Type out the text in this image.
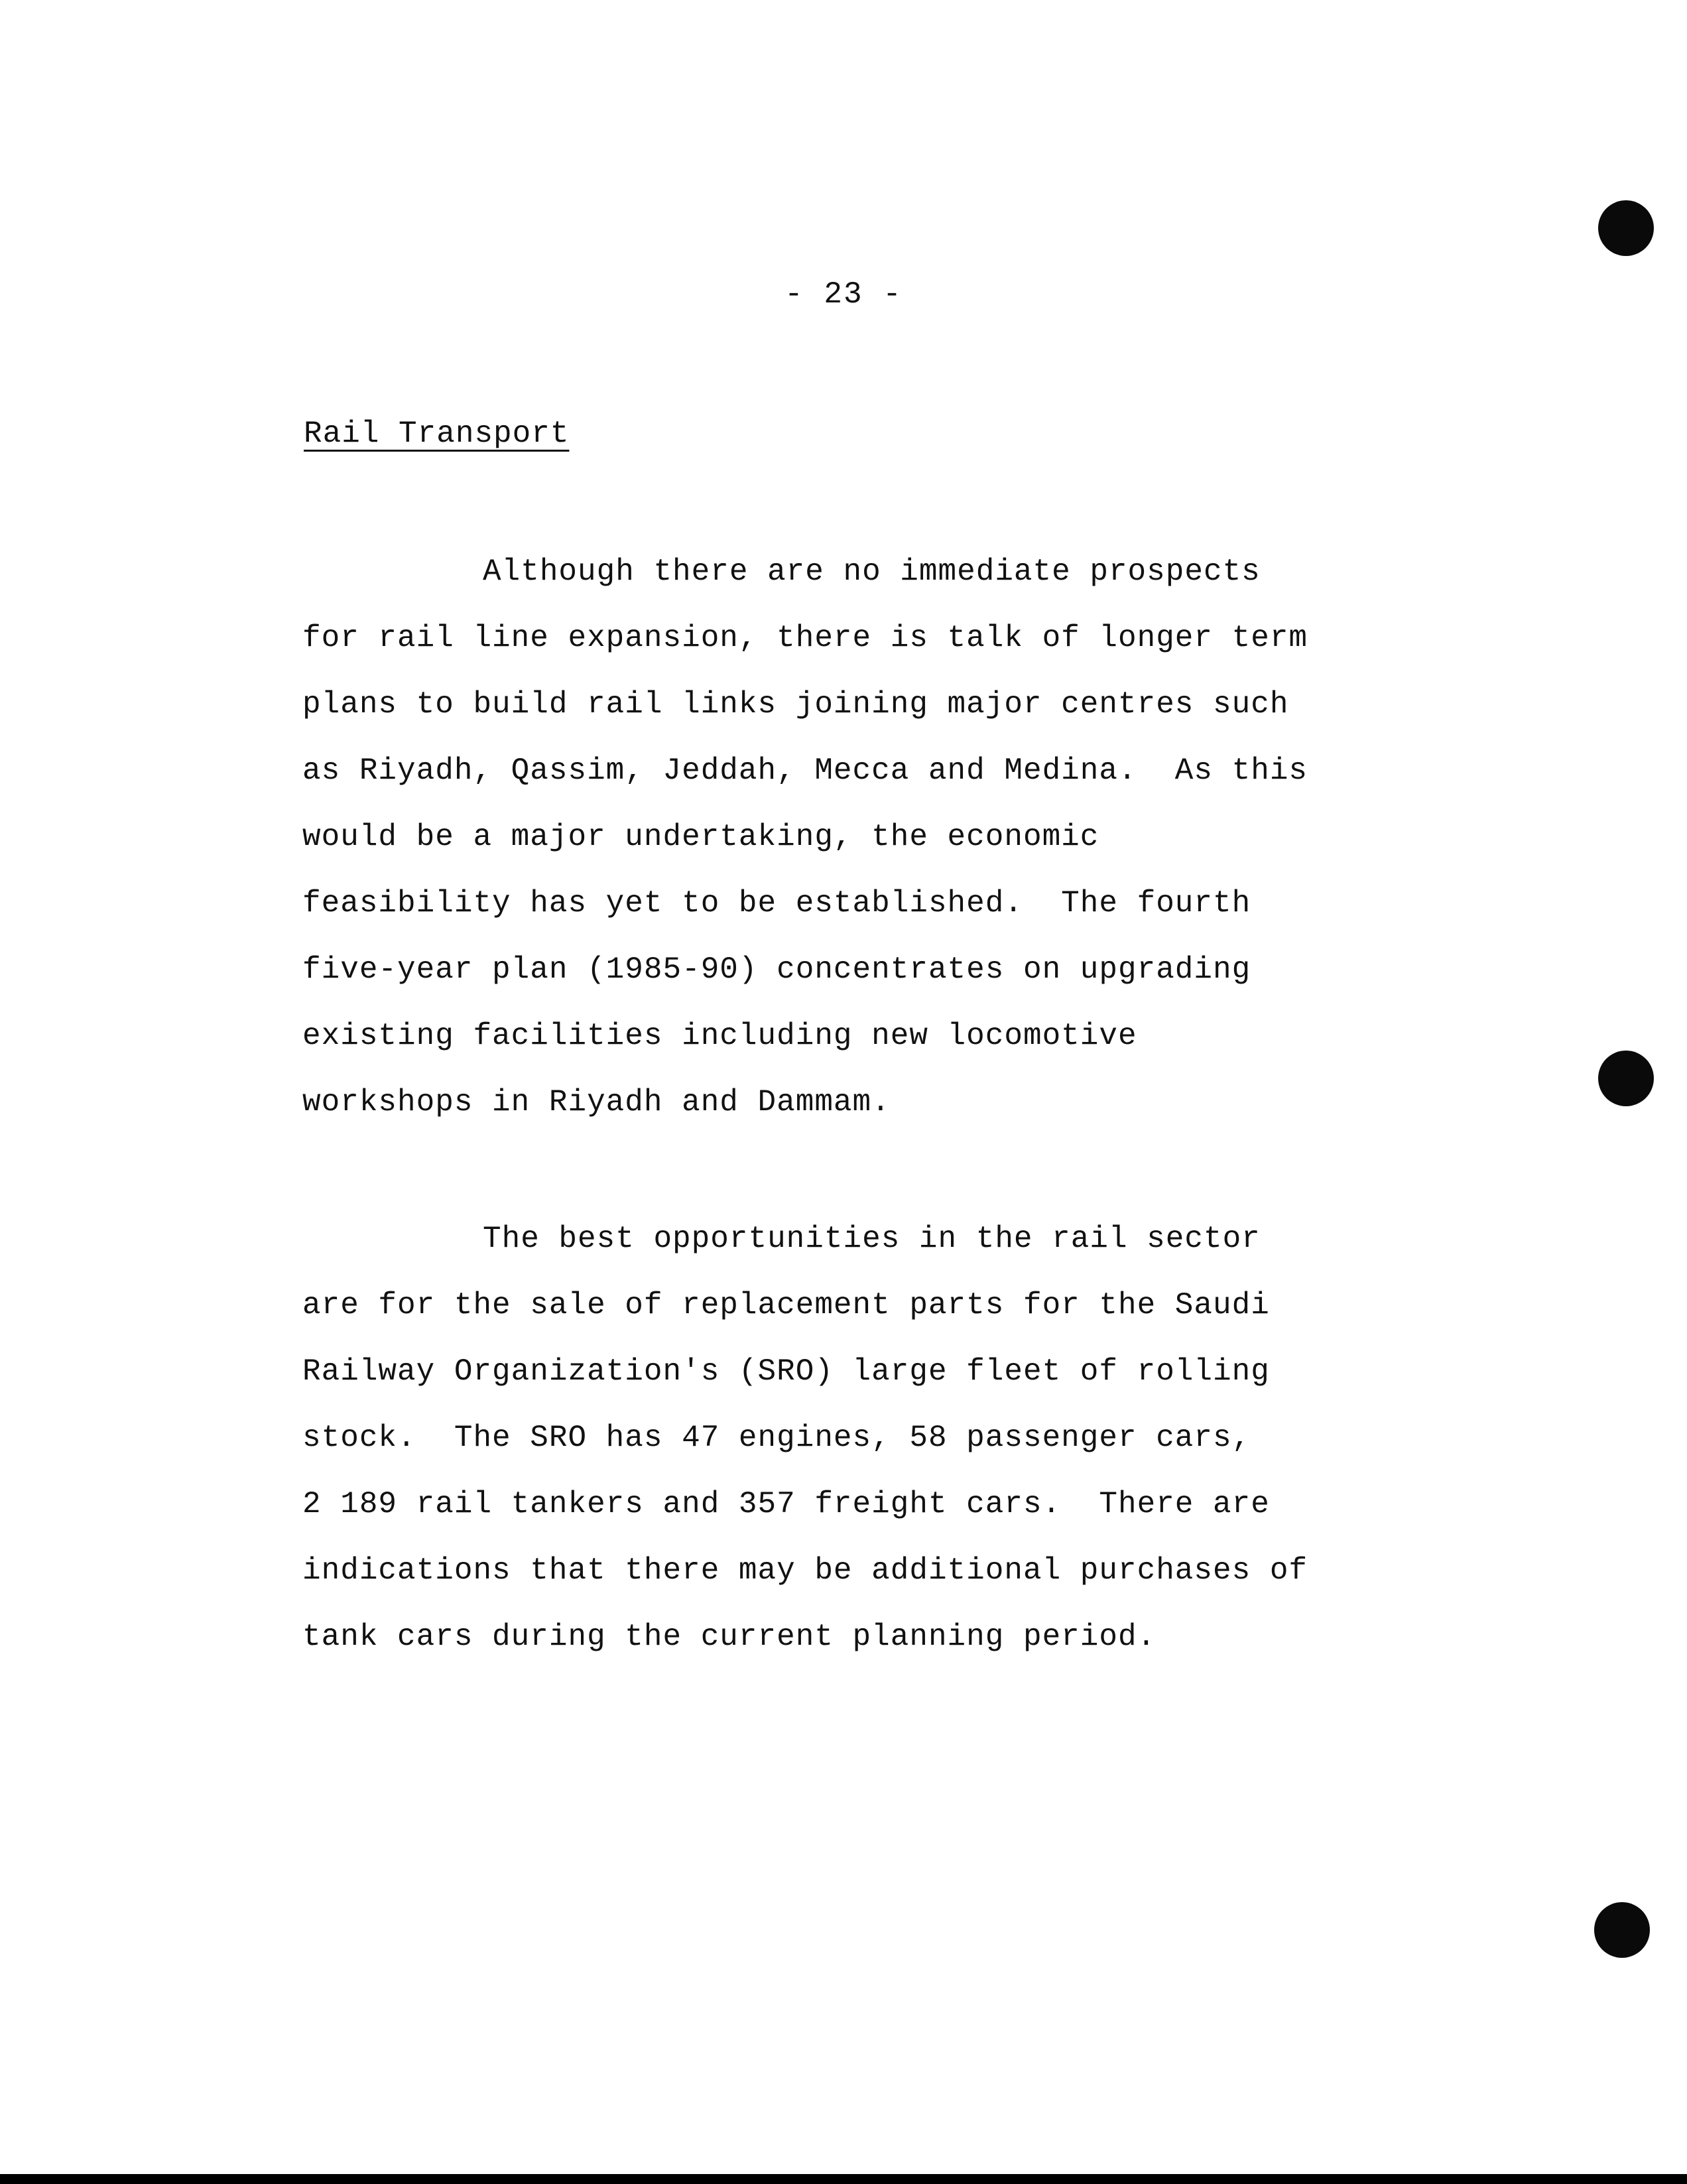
- 23 -
Rail Transport
Although there are no immediate prospects
for rail line expansion, there is talk of longer term
plans to build rail links joining major centres such
as Riyadh, Qassim, Jeddah, Mecca and Medina.  As this
would be a major undertaking, the economic
feasibility has yet to be established.  The fourth
five-year plan (1985-90) concentrates on upgrading
existing facilities including new locomotive
workshops in Riyadh and Dammam.
The best opportunities in the rail sector
are for the sale of replacement parts for the Saudi
Railway Organization's (SRO) large fleet of rolling
stock.  The SRO has 47 engines, 58 passenger cars,
2 189 rail tankers and 357 freight cars.  There are
indications that there may be additional purchases of
tank cars during the current planning period.
